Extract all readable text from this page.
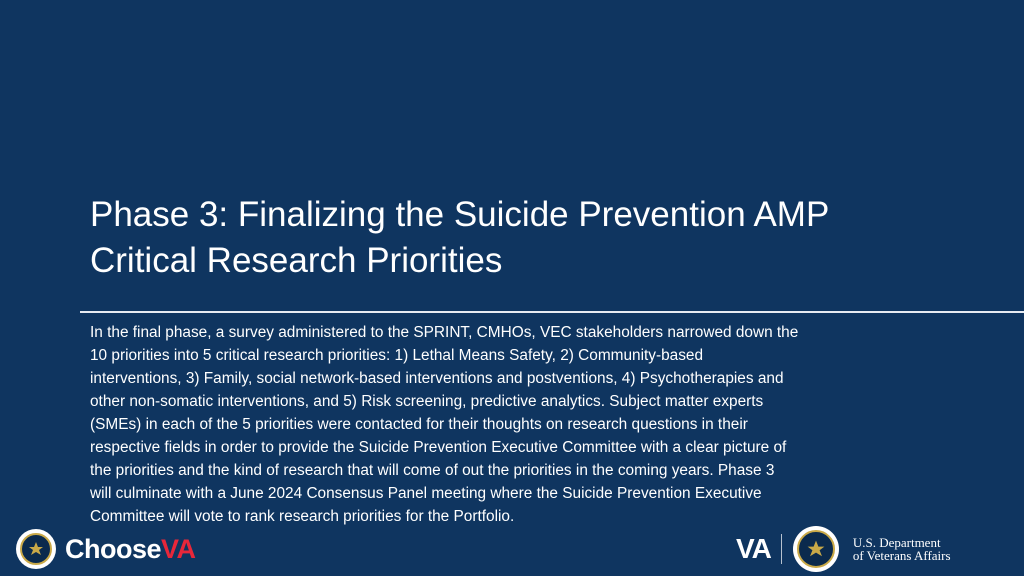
Phase 3: Finalizing the Suicide Prevention AMP
Critical Research Priorities

In the final phase, a survey administered to the SPRINT, CMHOs, VEC stakeholders narrowed down the
10 priorities into 5 critical research priorities: 1) Lethal Means Safety, 2) Community-based
interventions, 3) Family, social network-based interventions and postventions, 4) Psychotherapies and
other non-somatic interventions, and 5) Risk screening, predictive analytics. Subject matter experts
(SMEs) in each of the 5 priorities were contacted for their thoughts on research questions in their
respective fields in order to provide the Suicide Prevention Executive Committee with a clear picture of
the priorities and the kind of research that will come of out the priorities in the coming years. Phase 3
will culminate with a June 2024 Consensus Panel meeting where the Suicide Prevention Executive
Committee will vote to rank research priorities for the Portfolio.

Choose VA	VA	U.S. Department
of Veterans Affairs
